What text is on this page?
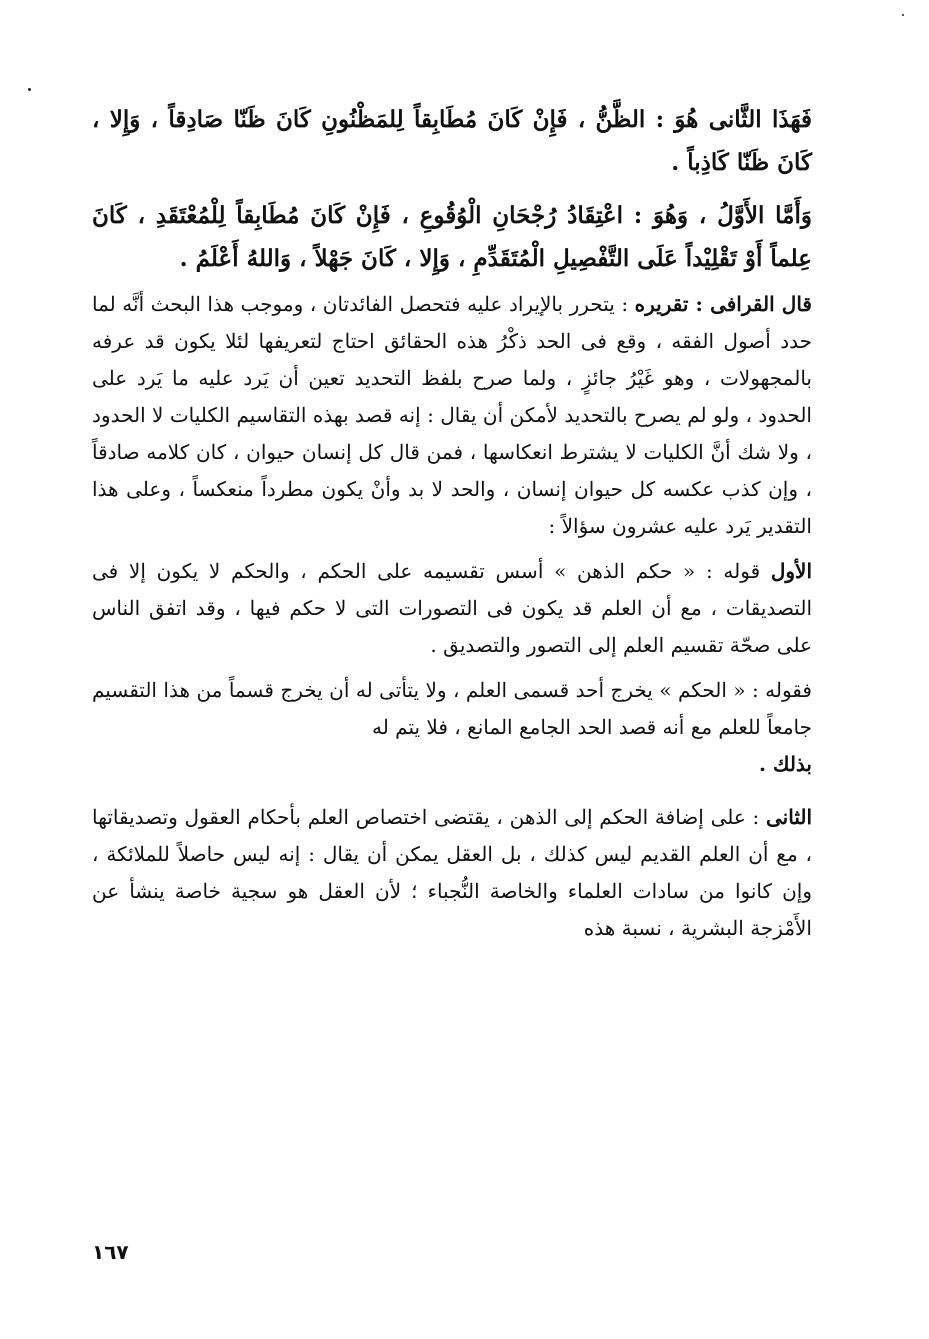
فَهَذَا الثَّانى هُوَ : الظَّنُّ ، فَإِنْ كَانَ مُطَابِقاً لِلمَظْنُونِ كَانَ ظَنّا صَادِقاً ، وَإِلا ، كَانَ ظَنّا كَاذِباً .

وَأَمَّا الأَوَّلُ ، وَهُوَ : اعْتِقَادُ رُجْحَانِ الْوُقُوعِ ، فَإِنْ كَانَ مُطَابِقاً لِلْمُعْتَقَدِ ، كَانَ عِلماً أَوْ تَقْلِيْداً عَلَى التَّفْصِيلِ الْمُتَقَدِّمِ ، وَإِلا ، كَانَ جَهْلاً ، وَاللهُ أَعْلَمُ .

قال القرافى : تقريره : يتحرر بالإيراد عليه فتحصل الفائدتان ، وموجب هذا البحث أنَّه لما حدد أصول الفقه ، وقع فى الحد ذكْرُ هذه الحقائق احتاج لتعريفها لئلا يكون قد عرفه بالمجهولات ، وهو غَيْرُ جائزٍ ، ولما صرح بلفظ التحديد تعين أن يَرد عليه ما يَرد على الحدود ، ولو لم يصرح بالتحديد لأمكن أن يقال : إنه قصد بهذه التقاسيم الكليات لا الحدود ، ولا شك أنَّ الكليات لا يشترط انعكاسها ، فمن قال كل إنسان حيوان ، كان كلامه صادقاً ، وإن كذب عكسه كل حيوان إنسان ، والحد لا بد وأنْ يكون مطرداً منعكساً ، وعلى هذا التقدير يَرد عليه عشرون سؤالاً :

الأول قوله : « حكم الذهن » أسس تقسيمه على الحكم ، والحكم لا يكون إلا فى التصديقات ، مع أن العلم قد يكون فى التصورات التى لا حكم فيها ، وقد اتفق الناس على صحّة تقسيم العلم إلى التصور والتصديق .

فقوله : « الحكم » يخرج أحد قسمى العلم ، ولا يتأتى له أن يخرج قسماً من هذا التقسيم جامعاً للعلم مع أنه قصد الحد الجامع المانع ، فلا يتم له

بذلك .

الثانى : على إضافة الحكم إلى الذهن ، يقتضى اختصاص العلم بأحكام العقول وتصديقاتها ، مع أن العلم القديم ليس كذلك ، بل العقل يمكن أن يقال : إنه ليس حاصلاً للملائكة ، وإن كانوا من سادات العلماء والخاصة النُّجباء ؛ لأن العقل هو سجية خاصة ينشأ عن الأَمْزجة البشرية ، نسبة هذه

١٦٧
